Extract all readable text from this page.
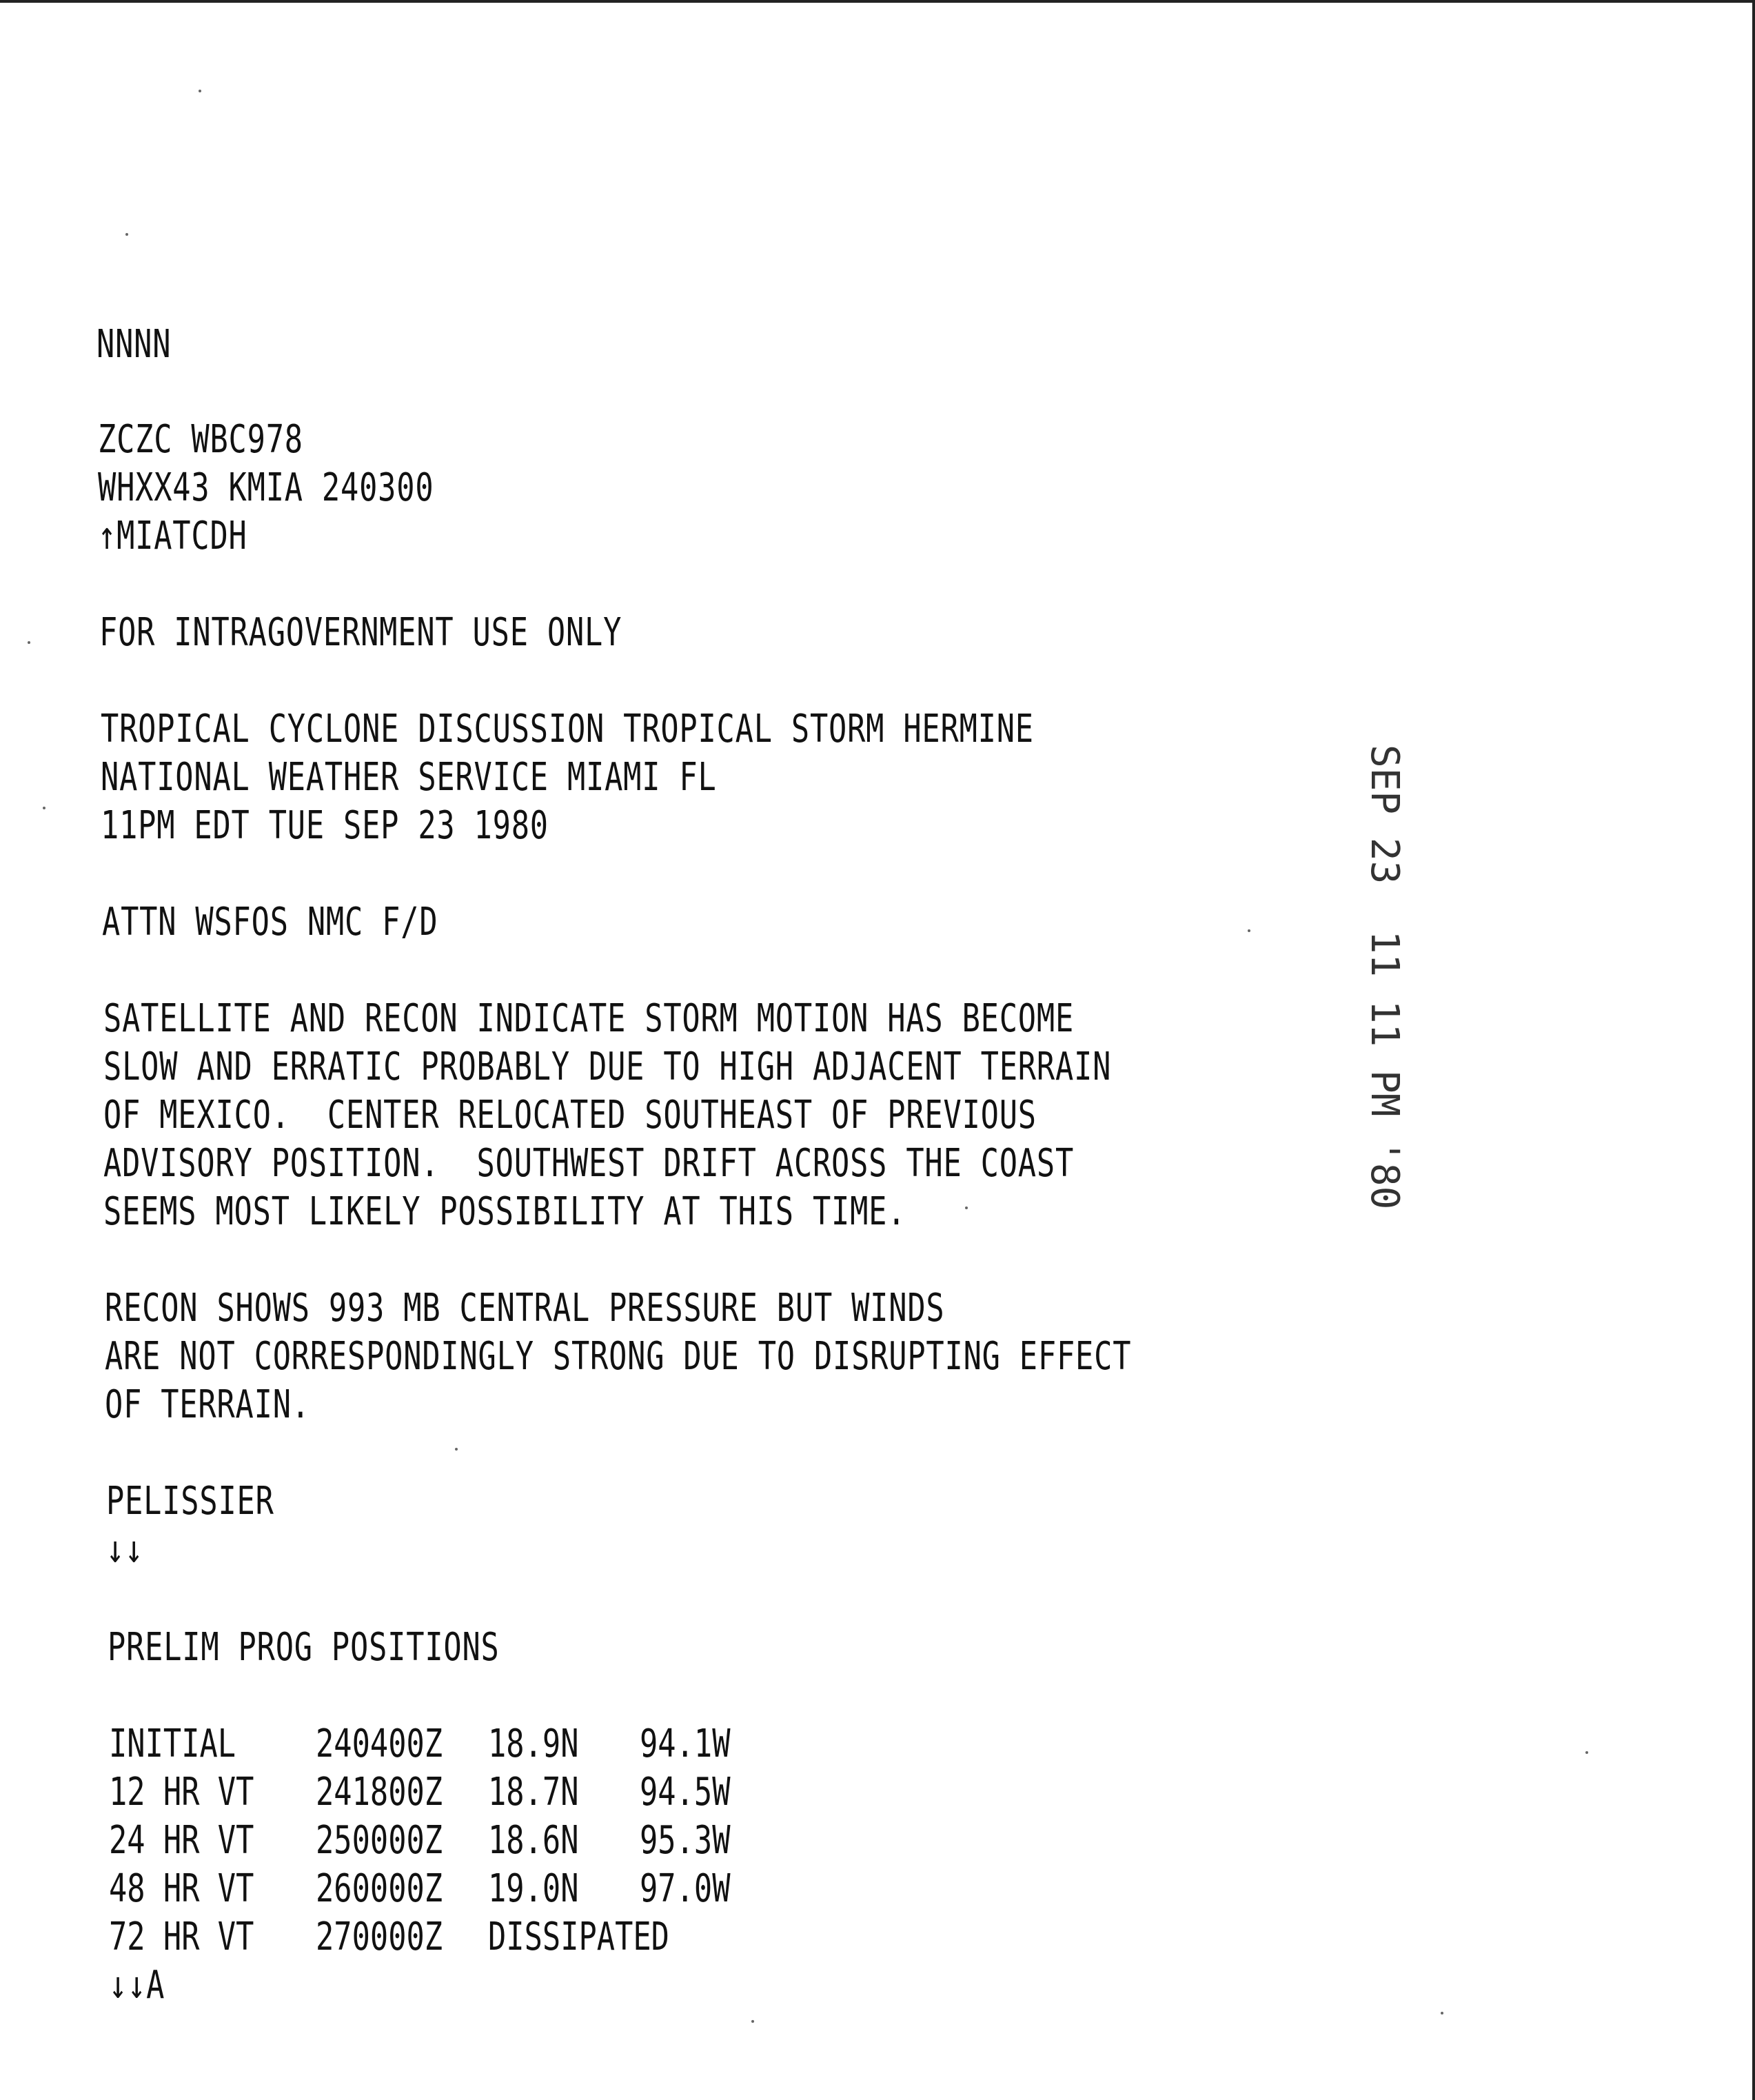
NNNN
ZCZC WBC978
WHXX43 KMIA 240300
↑MIATCDH
FOR INTRAGOVERNMENT USE ONLY
TROPICAL CYCLONE DISCUSSION TROPICAL STORM HERMINE
NATIONAL WEATHER SERVICE MIAMI FL
11PM EDT TUE SEP 23 1980
ATTN WSFOS NMC F/D
SATELLITE AND RECON INDICATE STORM MOTION HAS BECOME
SLOW AND ERRATIC PROBABLY DUE TO HIGH ADJACENT TERRAIN
OF MEXICO.  CENTER RELOCATED SOUTHEAST OF PREVIOUS
ADVISORY POSITION.  SOUTHWEST DRIFT ACROSS THE COAST
SEEMS MOST LIKELY POSSIBILITY AT THIS TIME.
RECON SHOWS 993 MB CENTRAL PRESSURE BUT WINDS
ARE NOT CORRESPONDINGLY STRONG DUE TO DISRUPTING EFFECT
OF TERRAIN.
PELISSIER
↓↓
PRELIM PROG POSITIONS
INITIAL 240400Z 18.9N 94.1W
12 HR VT 241800Z 18.7N 94.5W
24 HR VT 250000Z 18.6N 95.3W
48 HR VT 260000Z 19.0N 97.0W
72 HR VT 270000Z DISSIPATED
↓↓A
SEP 23  11 11 PM '80
